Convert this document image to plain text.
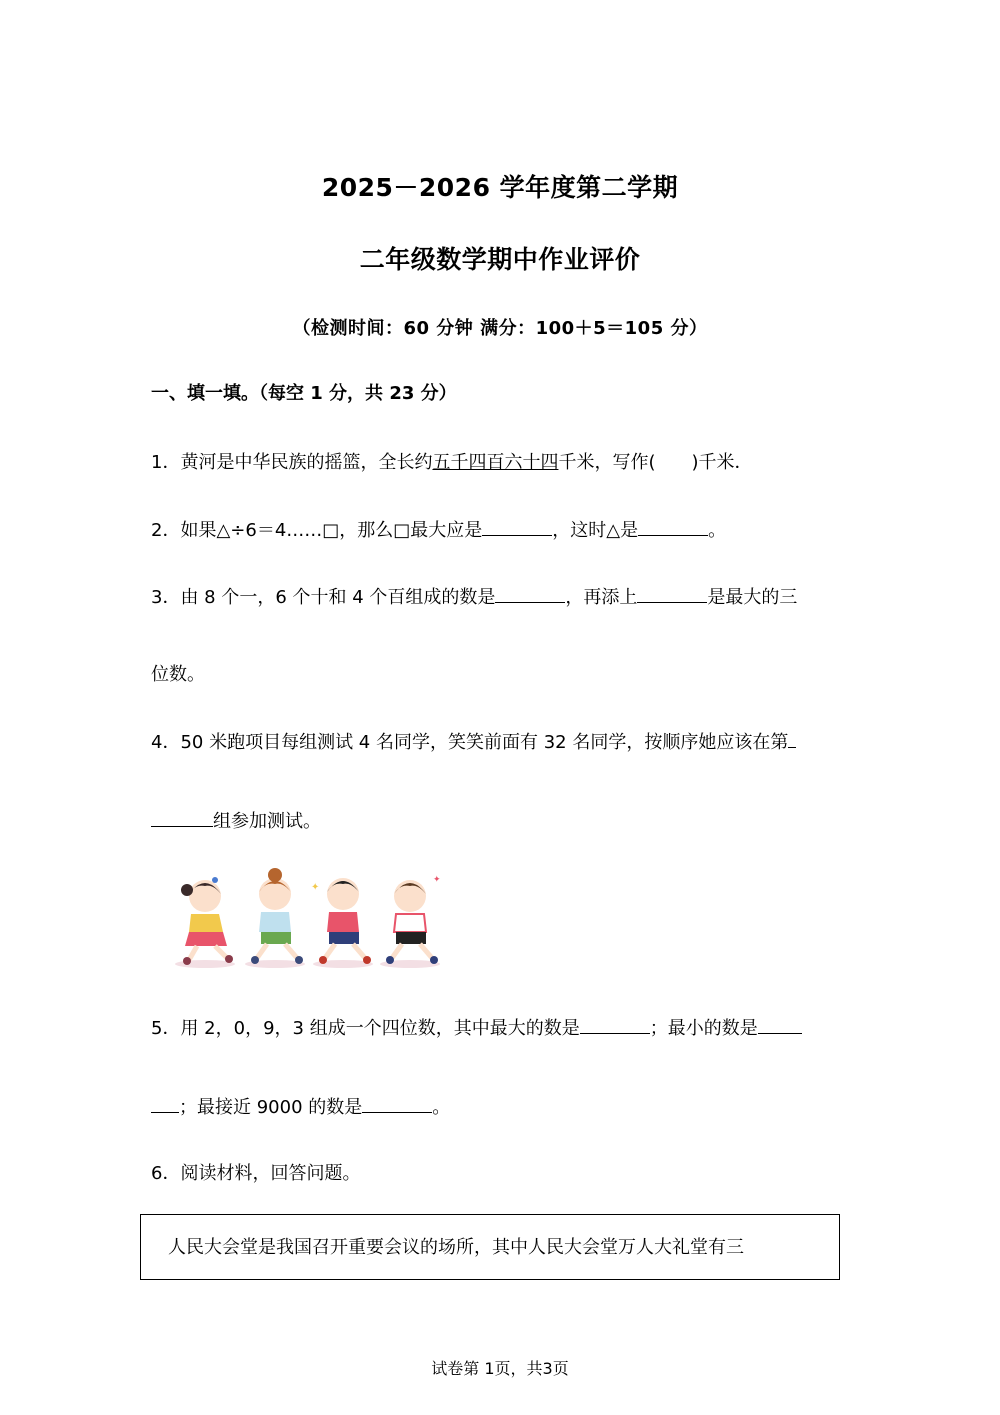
2025－2026 学年度第二学期
二年级数学期中作业评价
（检测时间：60 分钟 满分：100＋5＝105 分）
一、填一填。（每空 1 分，共 23 分）
1．黄河是中华民族的摇篮，全长约五千四百六十四千米，写作( )千米．
2．如果△÷6＝4……□，那么□最大应是	，这时△是	。
3．由 8 个一，6 个十和 4 个百组成的数是	，再添上	是最大的三
位数。
4．50 米跑项目每组测试 4 名同学，笑笑前面有 32 名同学，按顺序她应该在第
组参加测试。
✦
✦
5．用 2，0，9，3 组成一个四位数，其中最大的数是	；最小的数是
；最接近 9000 的数是	。
6．阅读材料，回答问题。
人民大会堂是我国召开重要会议的场所，其中人民大会堂万人大礼堂有三
试卷第 1页，共3页
